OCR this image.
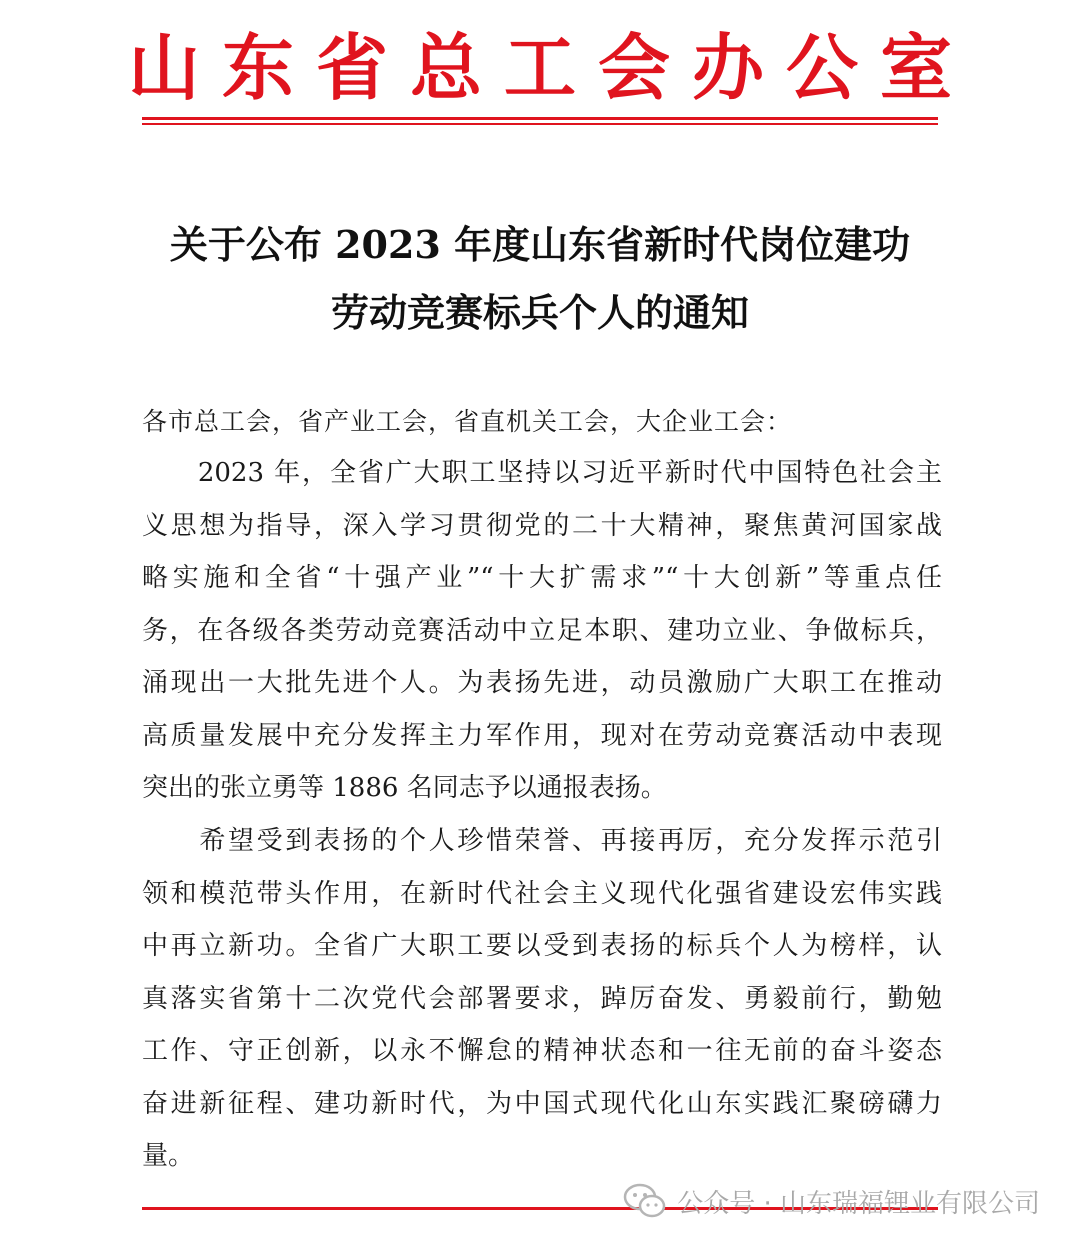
山东省总工会办公室
关于公布 2023 年度山东省新时代岗位建功
劳动竞赛标兵个人的通知
各市总工会，省产业工会，省直机关工会，大企业工会：
　　2023 年，全省广大职工坚持以习近平新时代中国特色社会主
义思想为指导，深入学习贯彻党的二十大精神，聚焦黄河国家战
略实施和全省“十强产业”“十大扩需求”“十大创新”等重点任
务，在各级各类劳动竞赛活动中立足本职、建功立业、争做标兵，
涌现出一大批先进个人。为表扬先进，动员激励广大职工在推动
高质量发展中充分发挥主力军作用，现对在劳动竞赛活动中表现
突出的张立勇等 1886 名同志予以通报表扬。
　　希望受到表扬的个人珍惜荣誉、再接再厉，充分发挥示范引
领和模范带头作用，在新时代社会主义现代化强省建设宏伟实践
中再立新功。全省广大职工要以受到表扬的标兵个人为榜样，认
真落实省第十二次党代会部署要求，踔厉奋发、勇毅前行，勤勉
工作、守正创新，以永不懈怠的精神状态和一往无前的奋斗姿态
奋进新征程、建功新时代，为中国式现代化山东实践汇聚磅礴力
量。
公众号 · 山东瑞福锂业有限公司
